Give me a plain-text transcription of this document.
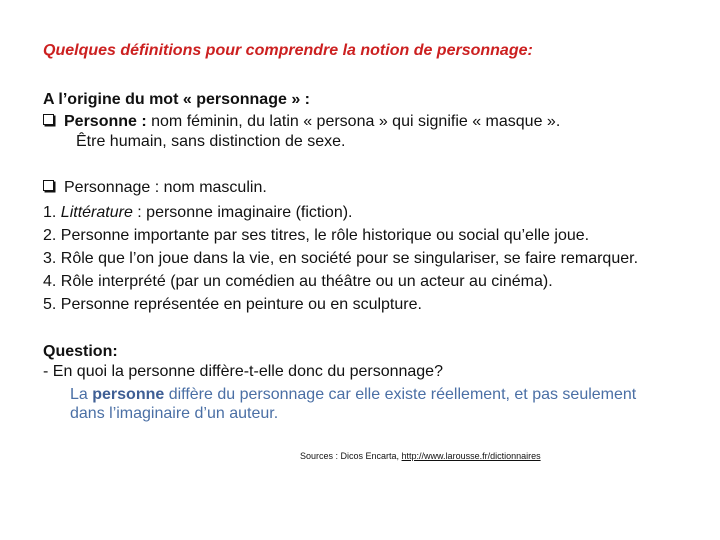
Quelques définitions pour comprendre la notion de personnage:
A l’origine du mot « personnage » :
Personne : nom féminin, du latin « persona » qui signifie « masque ».
Être humain, sans distinction de sexe.
Personnage : nom masculin.
1. Littérature : personne imaginaire (fiction).
2. Personne importante par ses titres, le rôle historique ou social qu’elle joue.
3. Rôle que l’on joue dans la vie, en société pour se singulariser, se faire remarquer.
4. Rôle interprété (par un comédien au théâtre ou un acteur au cinéma).
5. Personne représentée en peinture ou en sculpture.
Question:
- En quoi la personne diffère-t-elle donc du personnage?
La personne diffère du personnage car elle existe réellement, et pas seulement
dans l’imaginaire d’un auteur.
Sources : Dicos Encarta, http://www.larousse.fr/dictionnaires
